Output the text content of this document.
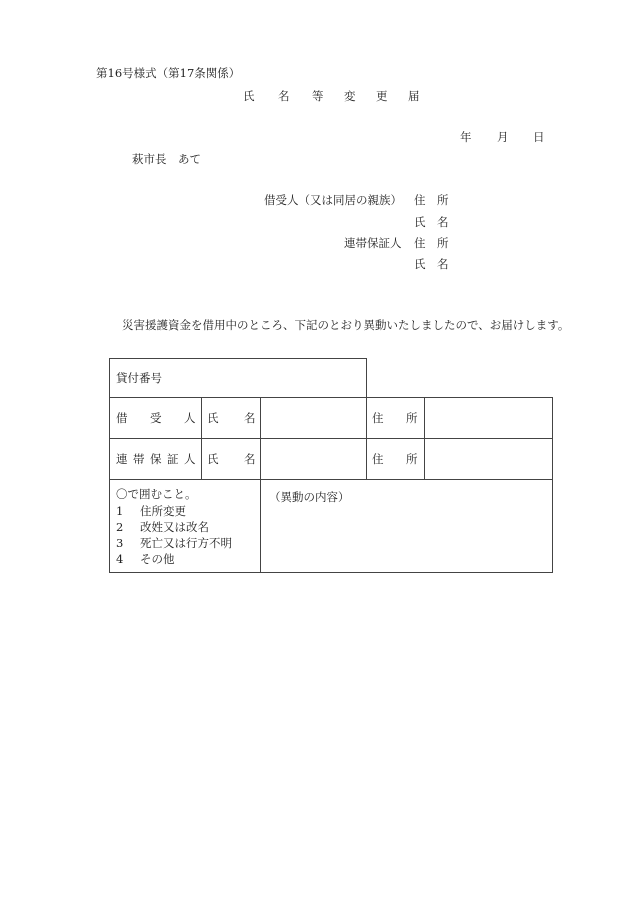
第16号様式（第17条関係）
氏 名 等 変 更 届
年 月 日
萩市長　あて
借受人（又は同居の親族） 住 所
氏 名
連帯保証人 住 所
氏 名
災害援護資金を借用中のところ、下記のとおり異動いたしましたので、お届けします。
貸付番号
借 受 人 氏 名	住 所
連 帯 保 証 人 氏 名	住 所
〇で囲むこと。
1 住所変更
2 改姓又は改名
3 死亡又は行方不明
4 その他
（異動の内容）
